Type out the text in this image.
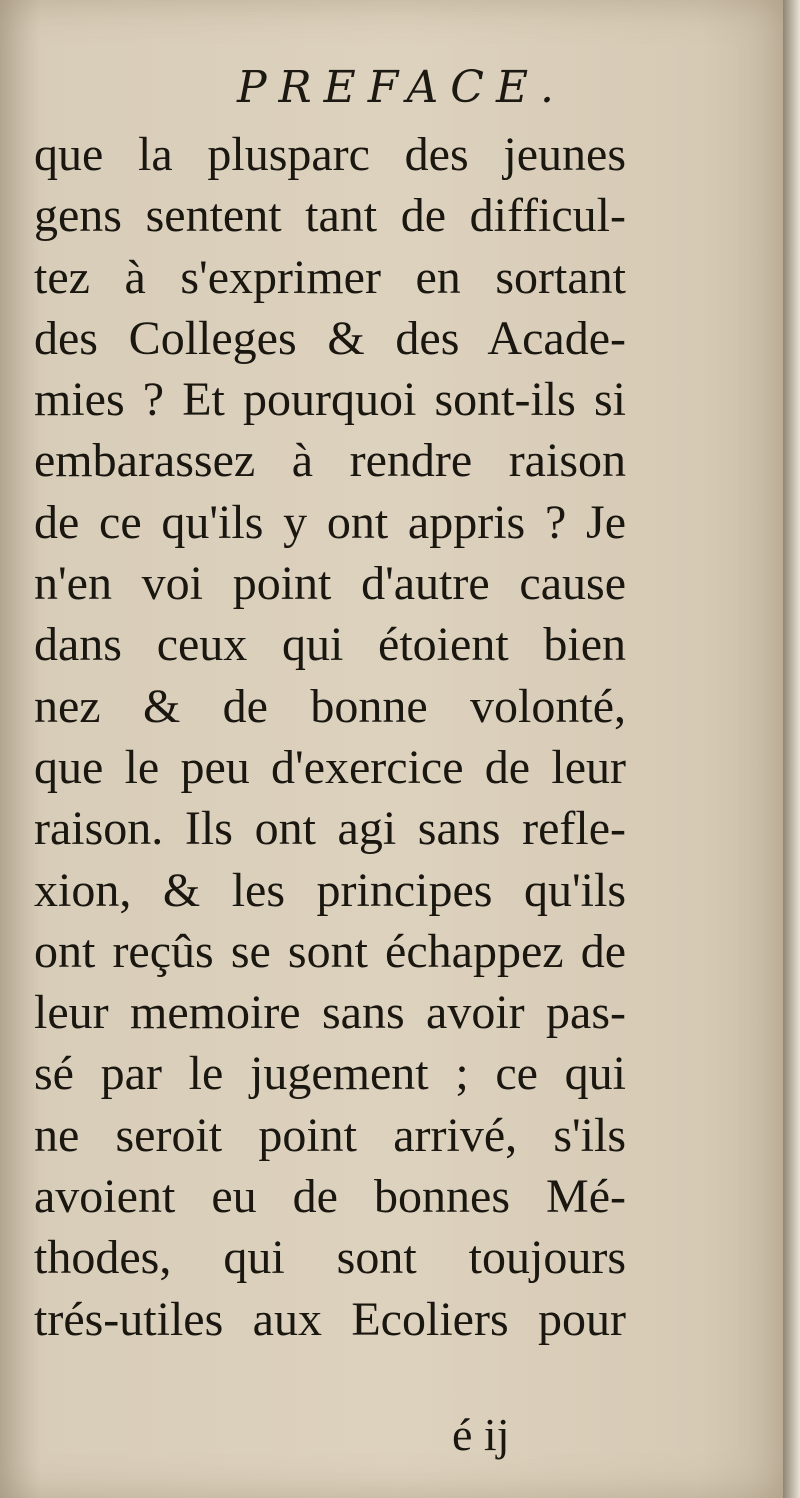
PREFACE.
que la plusparc des jeunes
gens sentent tant de difficul-
tez à s'exprimer en sortant
des Colleges & des Acade-
mies ? Et pourquoi sont-ils si
embarassez à rendre raison
de ce qu'ils y ont appris ? Je
n'en voi point d'autre cause
dans ceux qui étoient bien
nez & de bonne volonté,
que le peu d'exercice de leur
raison. Ils ont agi sans refle-
xion, & les principes qu'ils
ont reçûs se sont échappez de
leur memoire sans avoir pas-
sé par le jugement ; ce qui
ne seroit point arrivé, s'ils
avoient eu de bonnes Mé-
thodes, qui sont toujours
trés-utiles aux Ecoliers pour
é ij
